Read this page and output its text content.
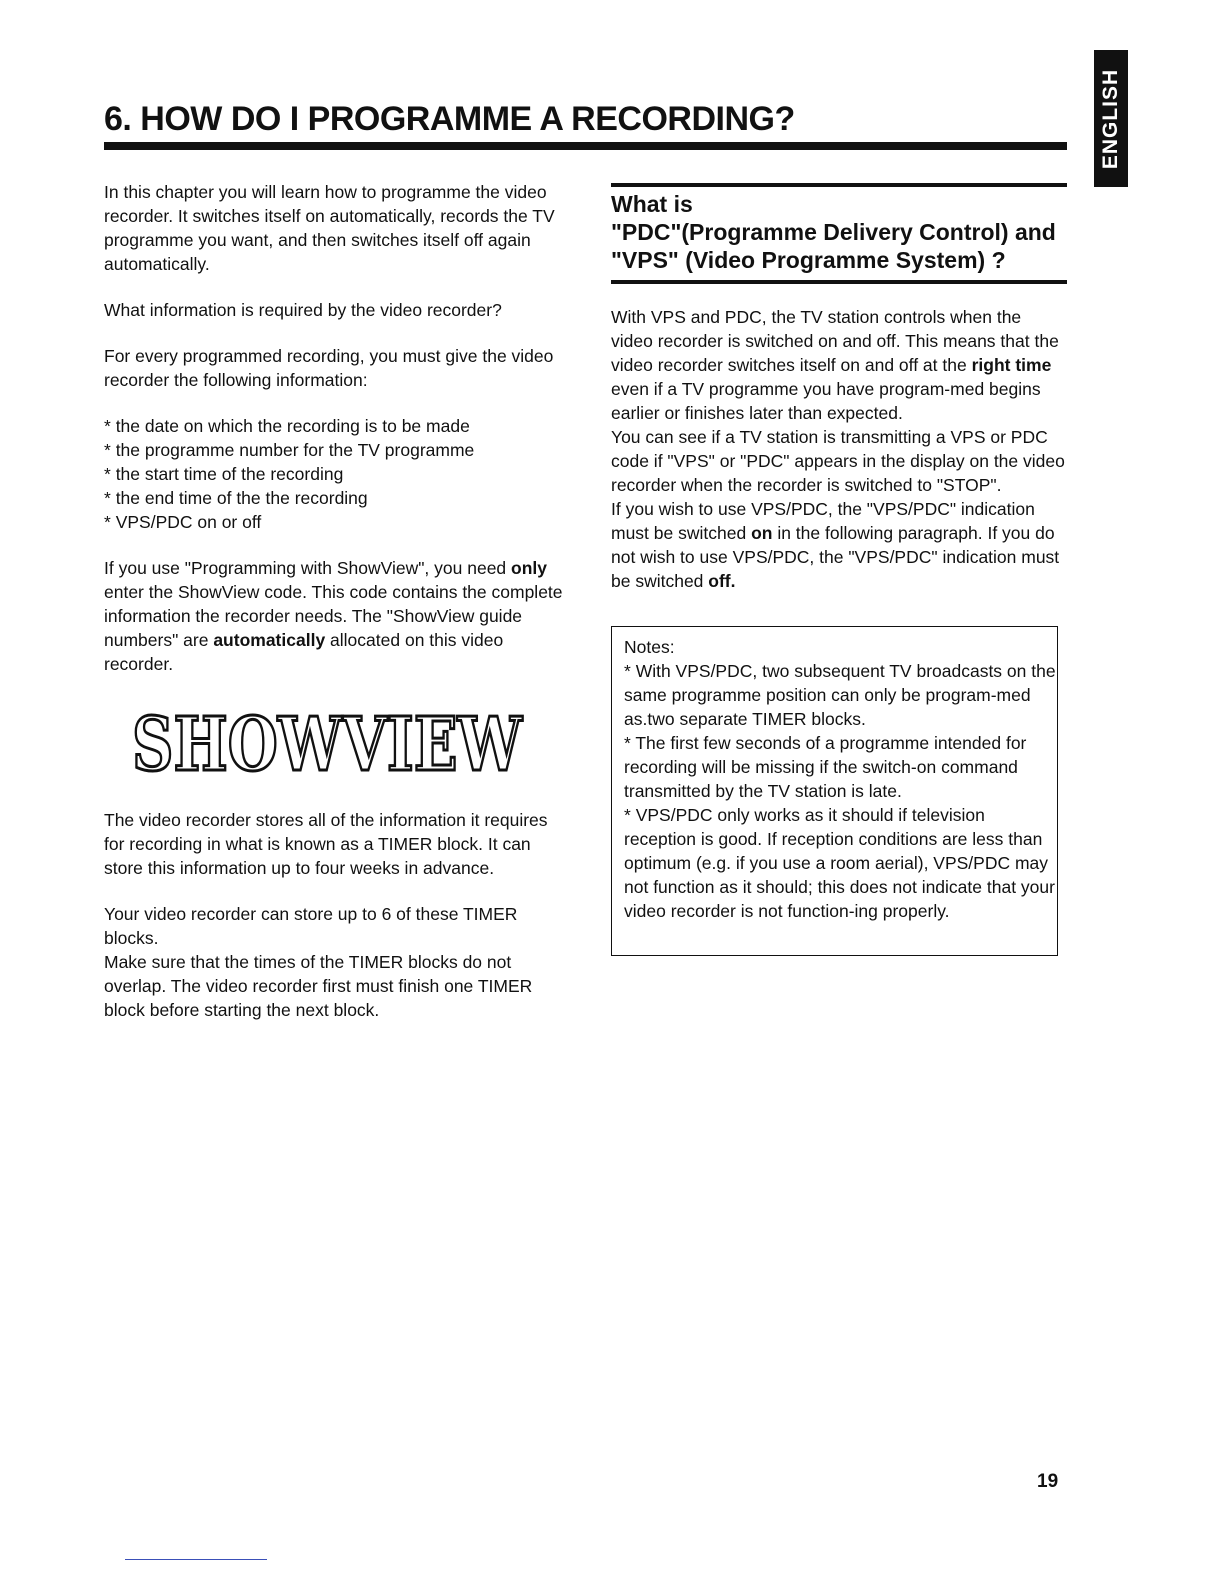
ENGLISH
6. HOW DO I PROGRAMME A RECORDING?

In this chapter you will learn how to programme the video recorder. It switches itself on automatically, records the TV programme you want, and then switches itself off again automatically.

What information is required by the video recorder?

For every programmed recording, you must give the video recorder the following information:

* the date on which the recording is to be made
* the programme number for the TV programme
* the start time of the recording
* the end time of the the recording
* VPS/PDC on or off

If you use "Programming with ShowView", you need only enter the ShowView code. This code contains the complete information the recorder needs. The "ShowView guide numbers" are automatically allocated on this video recorder.

SHOWVIEW

The video recorder stores all of the information it requires for recording in what is known as a TIMER block. It can store this information up to four weeks in advance.

Your video recorder can store up to 6 of these TIMER blocks.

Make sure that the times of the TIMER blocks do not overlap. The video recorder first must finish one TIMER block before starting the next block.

What is
"PDC"(Programme Delivery Control) and
"VPS" (Video Programme System) ?

With VPS and PDC, the TV station controls when the video recorder is switched on and off. This means that the video recorder switches itself on and off at the right time even if a TV programme you have program-med begins earlier or finishes later than expected.

You can see if a TV station is transmitting a VPS or PDC code if "VPS" or "PDC" appears in the display on the video recorder when the recorder is switched to "STOP".

If you wish to use VPS/PDC, the "VPS/PDC" indication must be switched on in the following paragraph. If you do not wish to use VPS/PDC, the "VPS/PDC" indication must be switched off.

Notes:

* With VPS/PDC, two subsequent TV broadcasts on the same programme position can only be program-med as.two separate TIMER blocks.

* The first few seconds of a programme intended for recording will be missing if the switch-on command transmitted by the TV station is late.

* VPS/PDC only works as it should if television reception is good. If reception conditions are less than optimum (e.g. if you use a room aerial), VPS/PDC may not function as it should; this does not indicate that your video recorder is not function-ing properly.

19
